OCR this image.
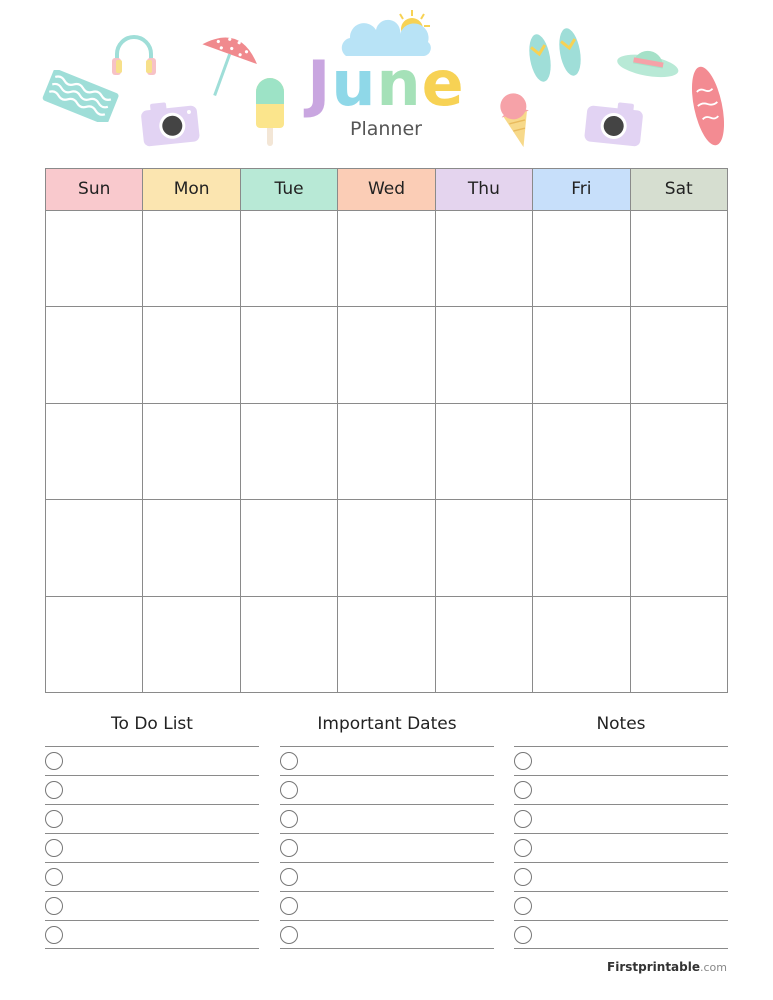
June
Planner
Sun	Mon	Tue	Wed	Thu	Fri	Sat
To Do List	Important Dates	Notes
Firstprintable.com
